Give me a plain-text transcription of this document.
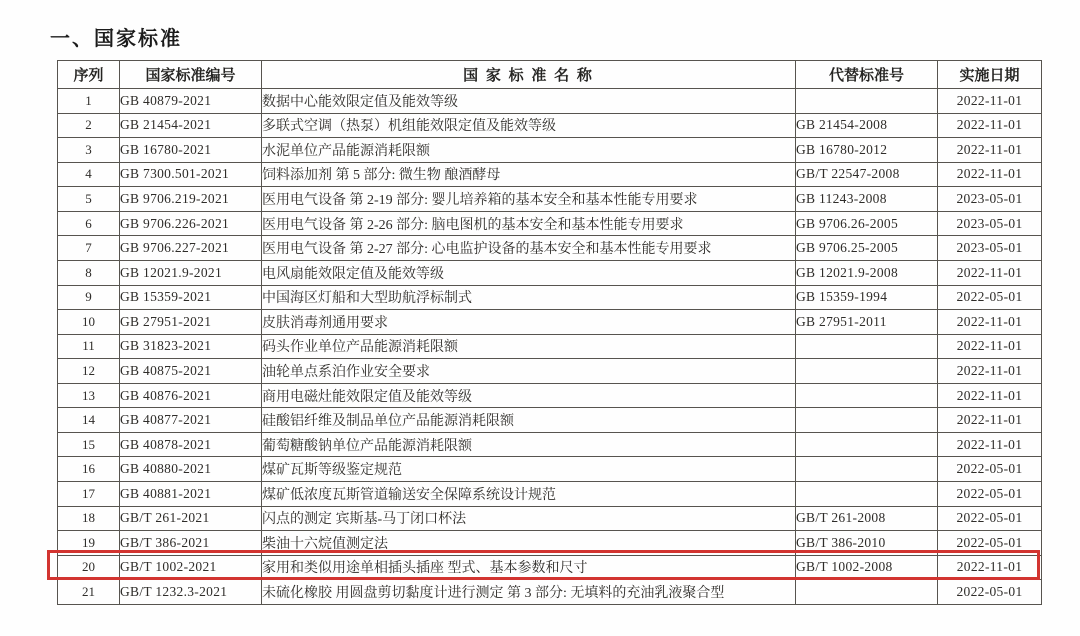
一、国家标准
序列	国家标准编号	国 家 标 准 名 称	代替标准号	实施日期
1	GB 40879-2021	数据中心能效限定值及能效等级		2022-11-01
2	GB 21454-2021	多联式空调（热泵）机组能效限定值及能效等级	GB 21454-2008	2022-11-01
3	GB 16780-2021	水泥单位产品能源消耗限额	GB 16780-2012	2022-11-01
4	GB 7300.501-2021	饲料添加剂 第 5 部分: 微生物 酿酒酵母	GB/T 22547-2008	2022-11-01
5	GB 9706.219-2021	医用电气设备 第 2-19 部分: 婴儿培养箱的基本安全和基本性能专用要求	GB 11243-2008	2023-05-01
6	GB 9706.226-2021	医用电气设备 第 2-26 部分: 脑电图机的基本安全和基本性能专用要求	GB 9706.26-2005	2023-05-01
7	GB 9706.227-2021	医用电气设备 第 2-27 部分: 心电监护设备的基本安全和基本性能专用要求	GB 9706.25-2005	2023-05-01
8	GB 12021.9-2021	电风扇能效限定值及能效等级	GB 12021.9-2008	2022-11-01
9	GB 15359-2021	中国海区灯船和大型助航浮标制式	GB 15359-1994	2022-05-01
10	GB 27951-2021	皮肤消毒剂通用要求	GB 27951-2011	2022-11-01
11	GB 31823-2021	码头作业单位产品能源消耗限额		2022-11-01
12	GB 40875-2021	油轮单点系泊作业安全要求		2022-11-01
13	GB 40876-2021	商用电磁灶能效限定值及能效等级		2022-11-01
14	GB 40877-2021	硅酸铝纤维及制品单位产品能源消耗限额		2022-11-01
15	GB 40878-2021	葡萄糖酸钠单位产品能源消耗限额		2022-11-01
16	GB 40880-2021	煤矿瓦斯等级鉴定规范		2022-05-01
17	GB 40881-2021	煤矿低浓度瓦斯管道输送安全保障系统设计规范		2022-05-01
18	GB/T 261-2021	闪点的测定 宾斯基-马丁闭口杯法	GB/T 261-2008	2022-05-01
19	GB/T 386-2021	柴油十六烷值测定法	GB/T 386-2010	2022-05-01
20	GB/T 1002-2021	家用和类似用途单相插头插座 型式、基本参数和尺寸	GB/T 1002-2008	2022-11-01
21	GB/T 1232.3-2021	未硫化橡胶 用圆盘剪切黏度计进行测定 第 3 部分: 无填料的充油乳液聚合型		2022-05-01
